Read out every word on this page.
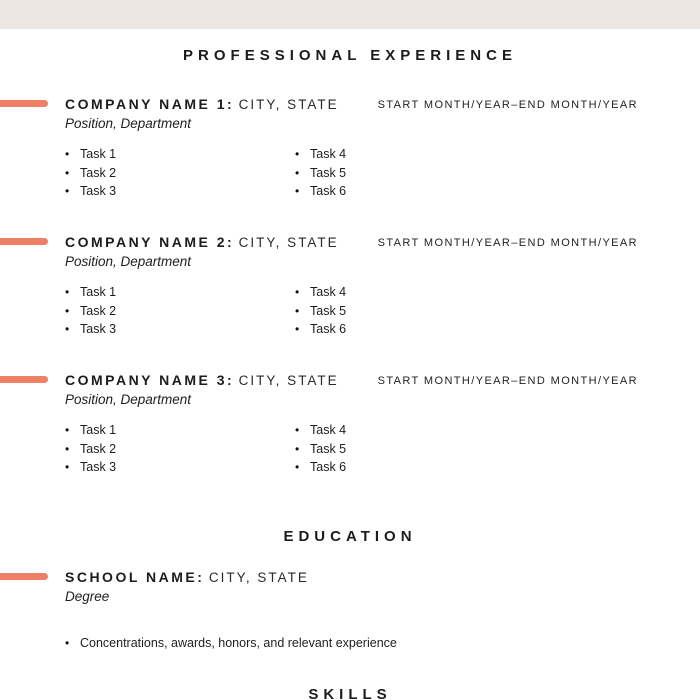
PROFESSIONAL EXPERIENCE
COMPANY NAME 1: CITY, STATE	START MONTH/YEAR–END MONTH/YEAR
Position, Department
• Task 1
• Task 2
• Task 3
• Task 4
• Task 5
• Task 6
COMPANY NAME 2: CITY, STATE	START MONTH/YEAR–END MONTH/YEAR
Position, Department
• Task 1
• Task 2
• Task 3
• Task 4
• Task 5
• Task 6
COMPANY NAME 3: CITY, STATE	START MONTH/YEAR–END MONTH/YEAR
Position, Department
• Task 1
• Task 2
• Task 3
• Task 4
• Task 5
• Task 6
EDUCATION
SCHOOL NAME: CITY, STATE
Degree
• Concentrations, awards, honors, and relevant experience
SKILLS
